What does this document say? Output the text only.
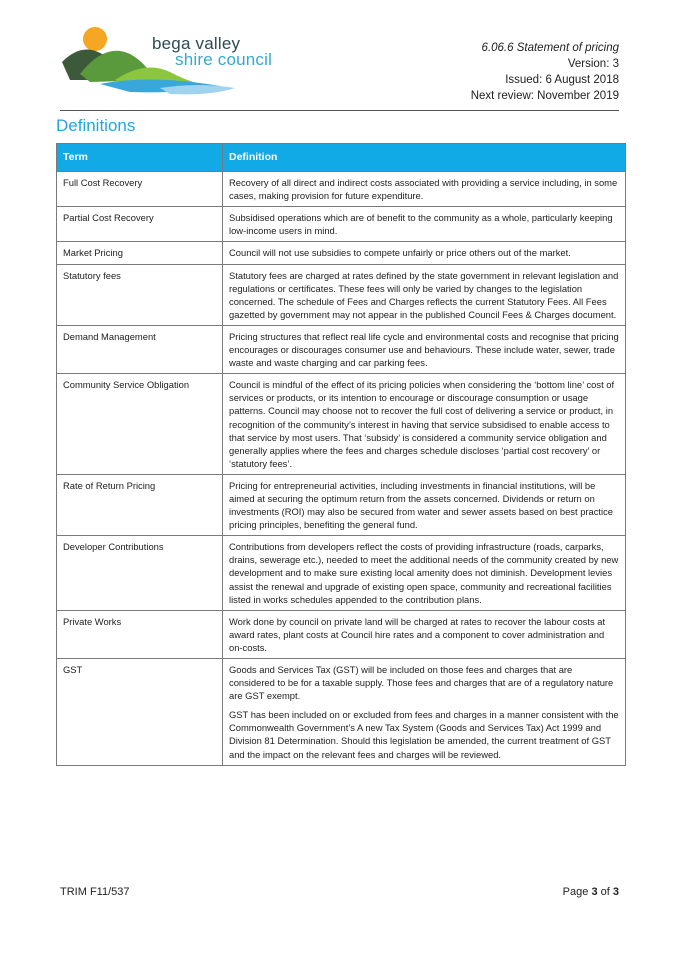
bega valley
shire council
6.06.6 Statement of pricing
Version: 3
Issued: 6 August 2018
Next review: November 2019
Definitions
Term	Definition
Full Cost Recovery	Recovery of all direct and indirect costs associated with providing a service including, in some cases, making provision for future expenditure.

Partial Cost Recovery	Subsidised operations which are of benefit to the community as a whole, particularly keeping low-income users in mind.

Market Pricing	Council will not use subsidies to compete unfairly or price others out of the market.

Statutory fees	Statutory fees are charged at rates defined by the state government in relevant legislation and regulations or certificates. These fees will only be varied by changes to the legislation concerned. The schedule of Fees and Charges reflects the current Statutory Fees. All Fees gazetted by government may not appear in the published Council Fees & Charges document.

Demand Management	Pricing structures that reflect real life cycle and environmental costs and recognise that pricing encourages or discourages consumer use and behaviours. These include water, sewer, trade waste and waste charging and car parking fees.

Community Service Obligation	Council is mindful of the effect of its pricing policies when considering the ‘bottom line’ cost of services or products, or its intention to encourage or discourage consumption or usage patterns. Council may choose not to recover the full cost of delivering a service or product, in recognition of the community’s interest in having that service subsidised to enable access to that service by most users. That ‘subsidy’ is considered a community service obligation and generally applies where the fees and charges schedule discloses ‘partial cost recovery’ or ‘statutory fees’.

Rate of Return Pricing	Pricing for entrepreneurial activities, including investments in financial institutions, will be aimed at securing the optimum return from the assets concerned. Dividends or return on investments (ROI) may also be secured from water and sewer assets based on best practice pricing principles, benefiting the general fund.

Developer Contributions	Contributions from developers reflect the costs of providing infrastructure (roads, carparks, drains, sewerage etc.), needed to meet the additional needs of the community created by new development and to make sure existing local amenity does not diminish. Development levies assist the renewal and upgrade of existing open space, community and recreational facilities listed in works schedules appended to the contribution plans.

Private Works	Work done by council on private land will be charged at rates to recover the labour costs at award rates, plant costs at Council hire rates and a component to cover administration and on-costs.

GST	Goods and Services Tax (GST) will be included on those fees and charges that are considered to be for a taxable supply. Those fees and charges that are of a regulatory nature are GST exempt.

GST has been included on or excluded from fees and charges in a manner consistent with the Commonwealth Government’s A new Tax System (Goods and Services Tax) Act 1999 and Division 81 Determination. Should this legislation be amended, the current treatment of GST and the impact on the relevant fees and charges will be reviewed.

TRIM F11/537	Page 3 of 3
